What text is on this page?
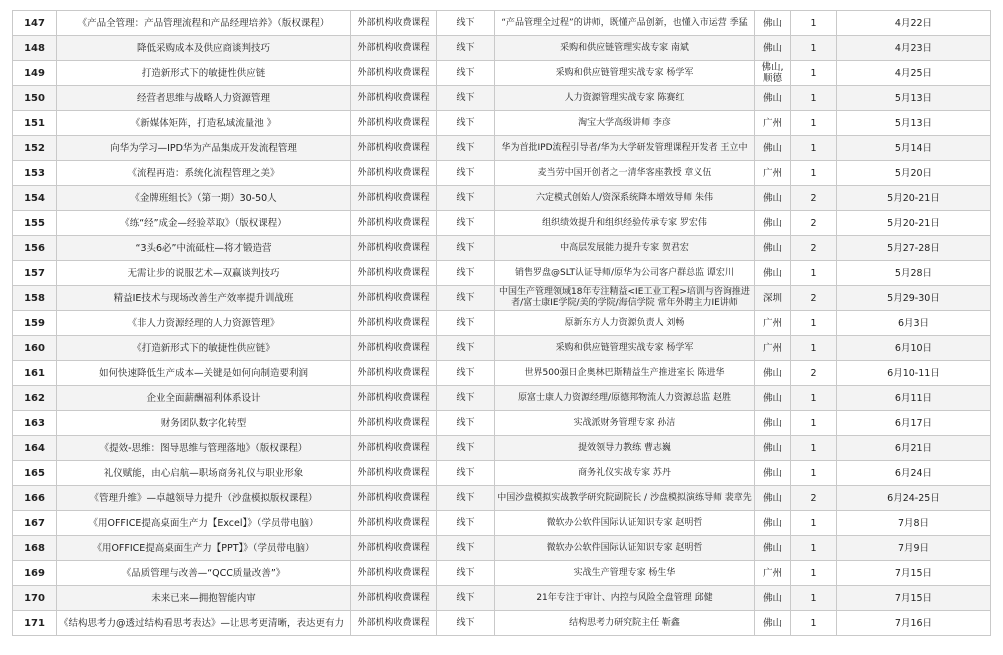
147	《产品全管理：产品管理流程和产品经理培养》（版权课程）	外部机构收费课程	线下	“产品管理全过程”的讲师，既懂产品创新，也懂入市运营 季猛	佛山	1	4月22日
148	降低采购成本及供应商谈判技巧	外部机构收费课程	线下	采购和供应链管理实战专家 南斌	佛山	1	4月23日
149	打造新形式下的敏捷性供应链	外部机构收费课程	线下	采购和供应链管理实战专家 杨学军	佛山,顺德	1	4月25日
150	经营者思维与战略人力资源管理	外部机构收费课程	线下	人力资源管理实战专家 陈赛红	佛山	1	5月13日
151	《新媒体矩阵，打造私域流量池 》	外部机构收费课程	线下	淘宝大学高级讲师 李彦	广州	1	5月13日
152	向华为学习—IPD华为产品集成开发流程管理	外部机构收费课程	线下	华为首批IPD流程引导者/华为大学研发管理课程开发者 王立中	佛山	1	5月14日
153	《流程再造：系统化流程管理之美》	外部机构收费课程	线下	麦当劳中国开创者之一清华客座教授 章义伍	广州	1	5月20日
154	《金牌班组长》（第一期）30-50人	外部机构收费课程	线下	六定模式创始人/资深系统降本增效导师 朱伟	佛山	2	5月20-21日
155	《练“经”成金—经验萃取》（版权课程）	外部机构收费课程	线下	组织绩效提升和组织经验传承专家 罗宏伟	佛山	2	5月20-21日
156	“3头6必”中流砥柱—将才锻造营	外部机构收费课程	线下	中高层发展能力提升专家 贺君宏	佛山	2	5月27-28日
157	无需让步的说服艺术—双赢谈判技巧	外部机构收费课程	线下	销售罗盘@SLT认证导师/原华为公司客户群总监 谭宏川	佛山	1	5月28日
158	精益IE技术与现场改善生产效率提升训战班	外部机构收费课程	线下	中国生产管理领域18年专注精益<IE工业工程>培训与咨询推进者/富士康IE学院/美的学院/海信学院 常年外聘主力IE讲师	深圳	2	5月29-30日
159	《非人力资源经理的人力资源管理》	外部机构收费课程	线下	原新东方人力资源负责人 刘畅	广州	1	6月3日
160	《打造新形式下的敏捷性供应链》	外部机构收费课程	线下	采购和供应链管理实战专家 杨学军	广州	1	6月10日
161	如何快速降低生产成本—关键是如何向制造要利润	外部机构收费课程	线下	世界500强日企奥林巴斯精益生产推进室长 陈进华	佛山	2	6月10-11日
162	企业全面薪酬福利体系设计	外部机构收费课程	线下	原富士康人力资源经理/原德邦物流人力资源总监 赵胜	佛山	1	6月11日
163	财务团队数字化转型	外部机构收费课程	线下	实战派财务管理专家 孙洁	佛山	1	6月17日
164	《提效-思维：图导思维与管理落地》（版权课程）	外部机构收费课程	线下	提效领导力教练 曹志巍	佛山	1	6月21日
165	礼仪赋能，由心启航—职场商务礼仪与职业形象	外部机构收费课程	线下	商务礼仪实战专家 苏丹	佛山	1	6月24日
166	《管理升维》—卓越领导力提升（沙盘模拟版权课程）	外部机构收费课程	线下	中国沙盘模拟实战教学研究院副院长 / 沙盘模拟演练导师 裴章先	佛山	2	6月24-25日
167	《用OFFICE提高桌面生产力【Excel】》（学员带电脑）	外部机构收费课程	线下	微软办公软件国际认证知识专家 赵明哲	佛山	1	7月8日
168	《用OFFICE提高桌面生产力【PPT】》（学员带电脑）	外部机构收费课程	线下	微软办公软件国际认证知识专家 赵明哲	佛山	1	7月9日
169	《品质管理与改善—“QCC质量改善”》	外部机构收费课程	线下	实战生产管理专家 杨生华	广州	1	7月15日
170	未来已来—拥抱智能内审	外部机构收费课程	线下	21年专注于审计、内控与风险全盘管理 邱健	佛山	1	7月15日
171	《结构思考力@透过结构看思考表达》—让思考更清晰，表达更有力	外部机构收费课程	线下	结构思考力研究院主任 靳鑫	佛山	1	7月16日
